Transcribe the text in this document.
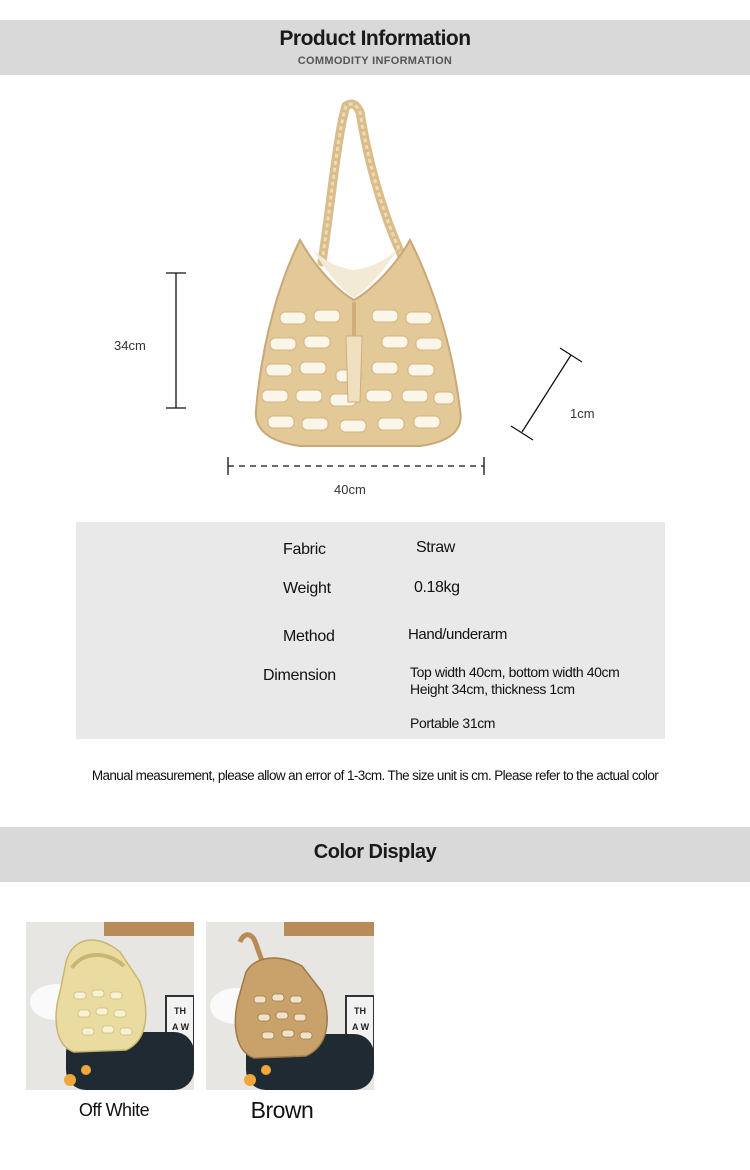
Product Information
COMMODITY INFORMATION
34cm
1cm
40cm
Fabric	Straw
Weight	0.18kg
Method	Hand/underarm
Dimension	Top width 40cm, bottom width 40cm
Height 34cm, thickness 1cm
Portable 31cm
Manual measurement, please allow an error of 1-3cm. The size unit is cm. Please refer to the actual color
Color Display
TH
A W
Off White
TH
A W
Brown
